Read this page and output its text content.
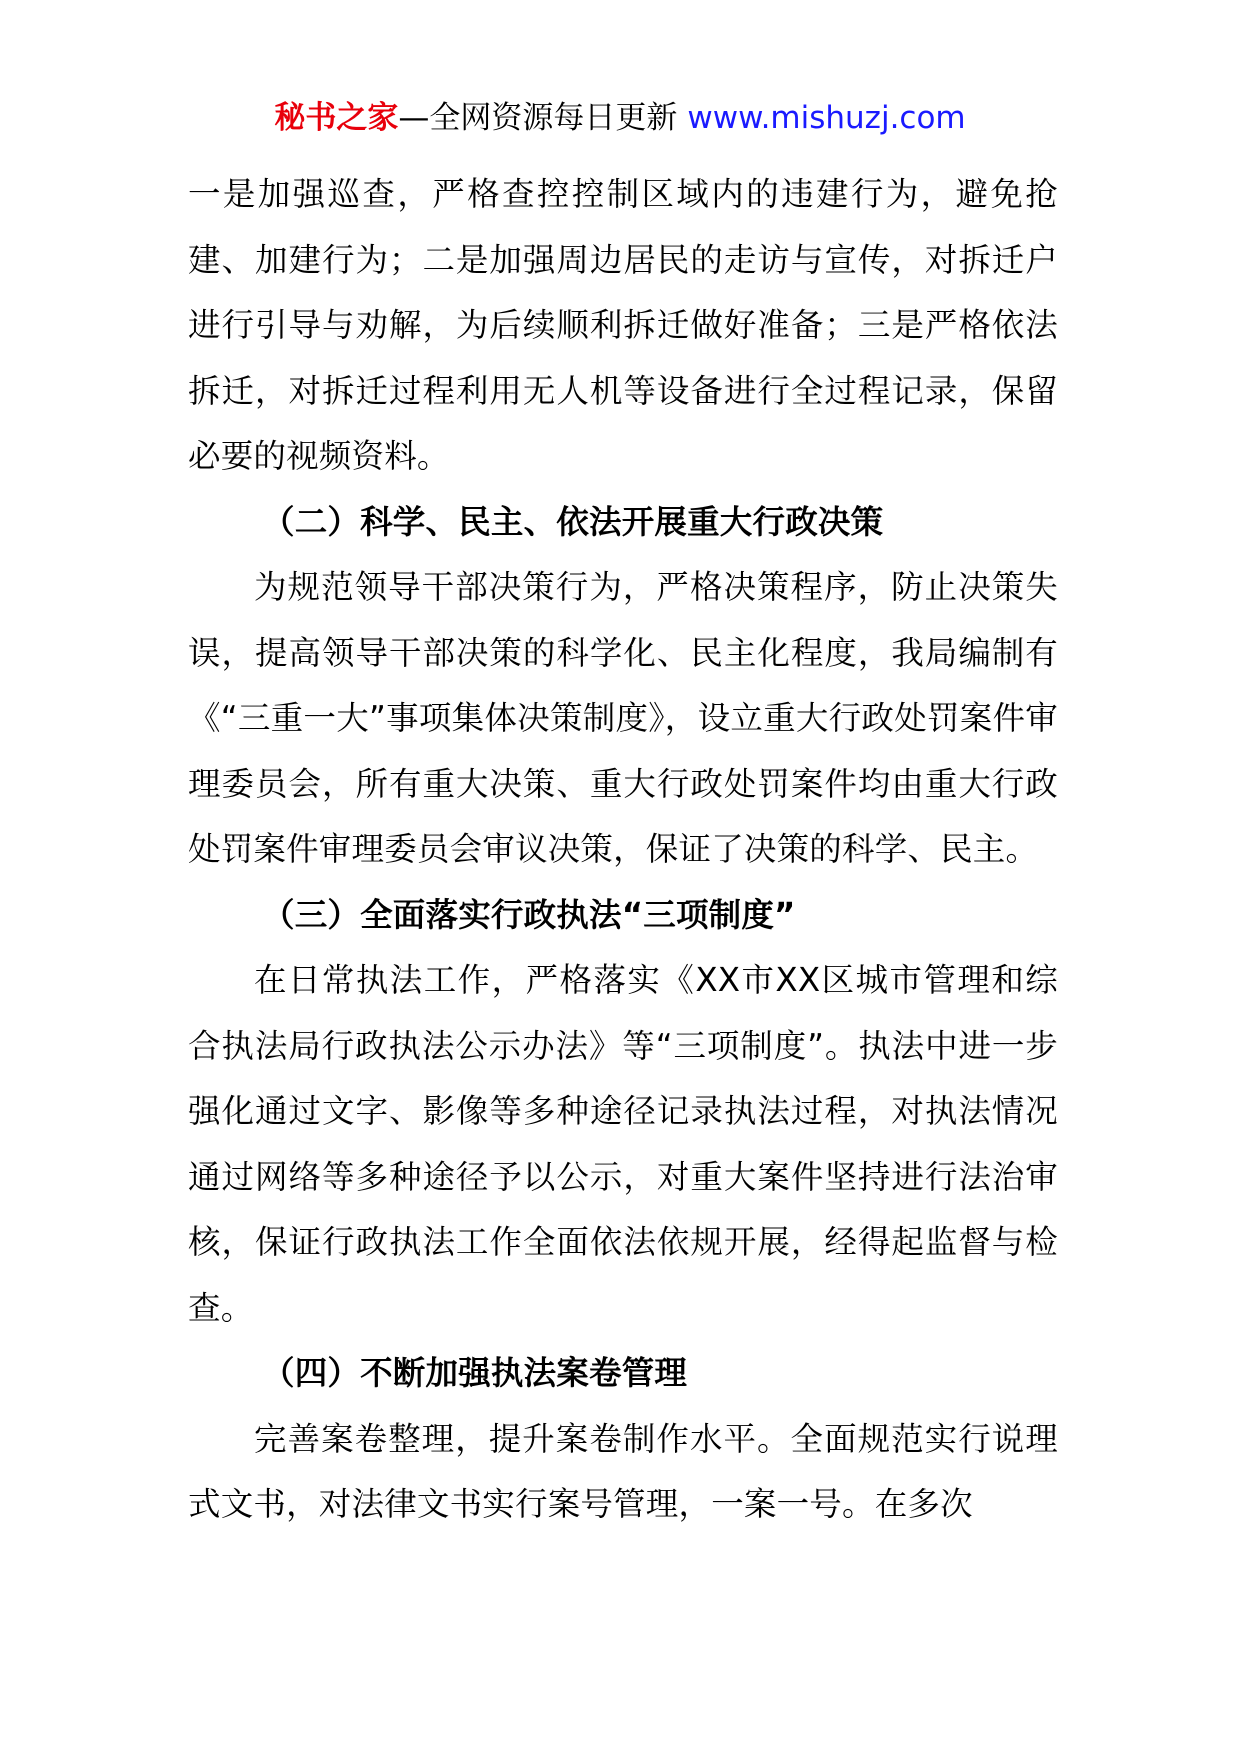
秘书之家—全网资源每日更新 www.mishuzj.com

一是加强巡查，严格查控控制区域内的违建行为，避免抢建、加建行为；二是加强周边居民的走访与宣传，对拆迁户进行引导与劝解，为后续顺利拆迁做好准备；三是严格依法拆迁，对拆迁过程利用无人机等设备进行全过程记录，保留必要的视频资料。

（二）科学、民主、依法开展重大行政决策

为规范领导干部决策行为，严格决策程序，防止决策失误，提高领导干部决策的科学化、民主化程度，我局编制有《“三重一大”事项集体决策制度》，设立重大行政处罚案件审理委员会，所有重大决策、重大行政处罚案件均由重大行政处罚案件审理委员会审议决策，保证了决策的科学、民主。

（三）全面落实行政执法“三项制度”

在日常执法工作，严格落实《XX市XX区城市管理和综合执法局行政执法公示办法》等“三项制度”。执法中进一步强化通过文字、影像等多种途径记录执法过程，对执法情况通过网络等多种途径予以公示，对重大案件坚持进行法治审核，保证行政执法工作全面依法依规开展，经得起监督与检查。

（四）不断加强执法案卷管理

完善案卷整理，提升案卷制作水平。全面规范实行说理式文书，对法律文书实行案号管理，一案一号。在多次
